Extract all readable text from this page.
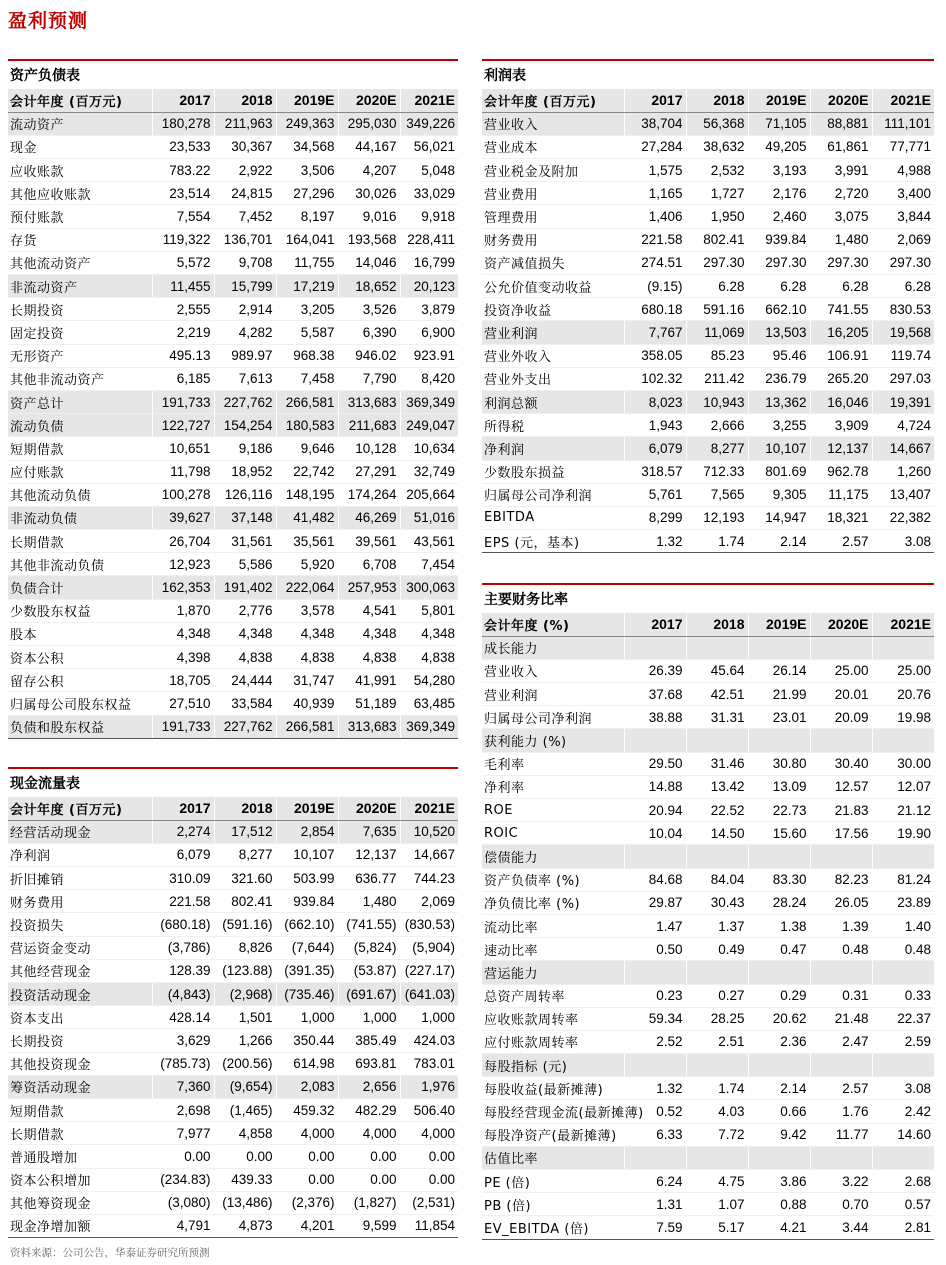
盈利预测
资产负债表
会计年度 (百万元)	2017	2018	2019E	2020E	2021E
流动资产	180,278	211,963	249,363	295,030	349,226
现金	23,533	30,367	34,568	44,167	56,021
应收账款	783.22	2,922	3,506	4,207	5,048
其他应收账款	23,514	24,815	27,296	30,026	33,029
预付账款	7,554	7,452	8,197	9,016	9,918
存货	119,322	136,701	164,041	193,568	228,411
其他流动资产	5,572	9,708	11,755	14,046	16,799
非流动资产	11,455	15,799	17,219	18,652	20,123
长期投资	2,555	2,914	3,205	3,526	3,879
固定投资	2,219	4,282	5,587	6,390	6,900
无形资产	495.13	989.97	968.38	946.02	923.91
其他非流动资产	6,185	7,613	7,458	7,790	8,420
资产总计	191,733	227,762	266,581	313,683	369,349
流动负债	122,727	154,254	180,583	211,683	249,047
短期借款	10,651	9,186	9,646	10,128	10,634
应付账款	11,798	18,952	22,742	27,291	32,749
其他流动负债	100,278	126,116	148,195	174,264	205,664
非流动负债	39,627	37,148	41,482	46,269	51,016
长期借款	26,704	31,561	35,561	39,561	43,561
其他非流动负债	12,923	5,586	5,920	6,708	7,454
负债合计	162,353	191,402	222,064	257,953	300,063
少数股东权益	1,870	2,776	3,578	4,541	5,801
股本	4,348	4,348	4,348	4,348	4,348
资本公积	4,398	4,838	4,838	4,838	4,838
留存公积	18,705	24,444	31,747	41,991	54,280
归属母公司股东权益	27,510	33,584	40,939	51,189	63,485
负债和股东权益	191,733	227,762	266,581	313,683	369,349
现金流量表
会计年度 (百万元)	2017	2018	2019E	2020E	2021E
经营活动现金	2,274	17,512	2,854	7,635	10,520
净利润	6,079	8,277	10,107	12,137	14,667
折旧摊销	310.09	321.60	503.99	636.77	744.23
财务费用	221.58	802.41	939.84	1,480	2,069
投资损失	(680.18)	(591.16)	(662.10)	(741.55)	(830.53)
营运资金变动	(3,786)	8,826	(7,644)	(5,824)	(5,904)
其他经营现金	128.39	(123.88)	(391.35)	(53.87)	(227.17)
投资活动现金	(4,843)	(2,968)	(735.46)	(691.67)	(641.03)
资本支出	428.14	1,501	1,000	1,000	1,000
长期投资	3,629	1,266	350.44	385.49	424.03
其他投资现金	(785.73)	(200.56)	614.98	693.81	783.01
筹资活动现金	7,360	(9,654)	2,083	2,656	1,976
短期借款	2,698	(1,465)	459.32	482.29	506.40
长期借款	7,977	4,858	4,000	4,000	4,000
普通股增加	0.00	0.00	0.00	0.00	0.00
资本公积增加	(234.83)	439.33	0.00	0.00	0.00
其他筹资现金	(3,080)	(13,486)	(2,376)	(1,827)	(2,531)
现金净增加额	4,791	4,873	4,201	9,599	11,854
利润表
会计年度 (百万元)	2017	2018	2019E	2020E	2021E
营业收入	38,704	56,368	71,105	88,881	111,101
营业成本	27,284	38,632	49,205	61,861	77,771
营业税金及附加	1,575	2,532	3,193	3,991	4,988
营业费用	1,165	1,727	2,176	2,720	3,400
管理费用	1,406	1,950	2,460	3,075	3,844
财务费用	221.58	802.41	939.84	1,480	2,069
资产减值损失	274.51	297.30	297.30	297.30	297.30
公允价值变动收益	(9.15)	6.28	6.28	6.28	6.28
投资净收益	680.18	591.16	662.10	741.55	830.53
营业利润	7,767	11,069	13,503	16,205	19,568
营业外收入	358.05	85.23	95.46	106.91	119.74
营业外支出	102.32	211.42	236.79	265.20	297.03
利润总额	8,023	10,943	13,362	16,046	19,391
所得税	1,943	2,666	3,255	3,909	4,724
净利润	6,079	8,277	10,107	12,137	14,667
少数股东损益	318.57	712.33	801.69	962.78	1,260
归属母公司净利润	5,761	7,565	9,305	11,175	13,407
EBITDA	8,299	12,193	14,947	18,321	22,382
EPS (元，基本)	1.32	1.74	2.14	2.57	3.08
主要财务比率
会计年度 (%)	2017	2018	2019E	2020E	2021E
成长能力					
营业收入	26.39	45.64	26.14	25.00	25.00
营业利润	37.68	42.51	21.99	20.01	20.76
归属母公司净利润	38.88	31.31	23.01	20.09	19.98
获利能力 (%)					
毛利率	29.50	31.46	30.80	30.40	30.00
净利率	14.88	13.42	13.09	12.57	12.07
ROE	20.94	22.52	22.73	21.83	21.12
ROIC	10.04	14.50	15.60	17.56	19.90
偿债能力					
资产负债率 (%)	84.68	84.04	83.30	82.23	81.24
净负债比率 (%)	29.87	30.43	28.24	26.05	23.89
流动比率	1.47	1.37	1.38	1.39	1.40
速动比率	0.50	0.49	0.47	0.48	0.48
营运能力					
总资产周转率	0.23	0.27	0.29	0.31	0.33
应收账款周转率	59.34	28.25	20.62	21.48	22.37
应付账款周转率	2.52	2.51	2.36	2.47	2.59
每股指标 (元)					
每股收益(最新摊薄)	1.32	1.74	2.14	2.57	3.08
每股经营现金流(最新摊薄)	0.52	4.03	0.66	1.76	2.42
每股净资产(最新摊薄)	6.33	7.72	9.42	11.77	14.60
估值比率					
PE (倍)	6.24	4.75	3.86	3.22	2.68
PB (倍)	1.31	1.07	0.88	0.70	0.57
EV_EBITDA (倍)	7.59	5.17	4.21	3.44	2.81
资料来源：公司公告，华泰证券研究所预测
